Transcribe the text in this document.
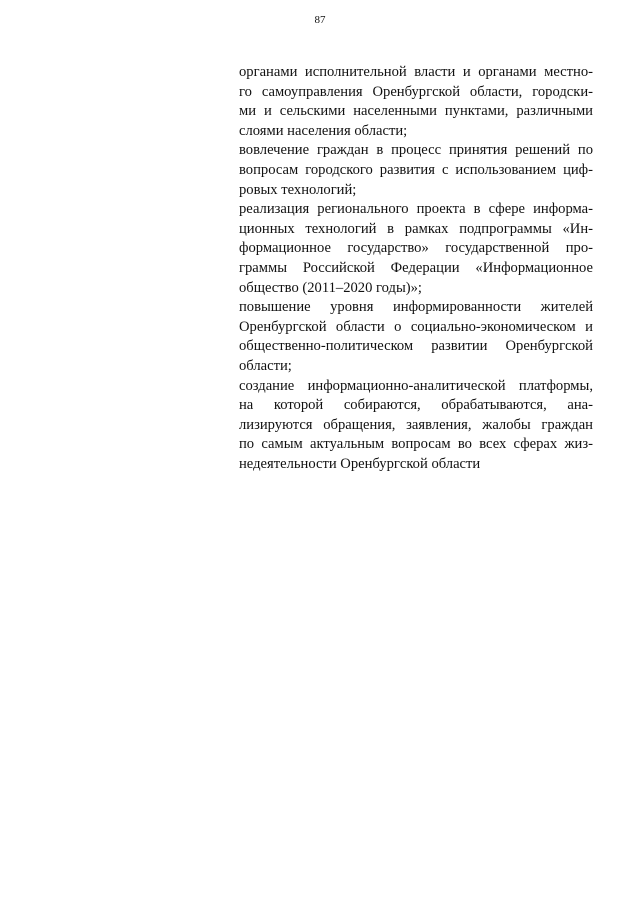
87
органами исполнительной власти и органами местно-
го самоуправления Оренбургской области, городски-
ми и сельскими населенными пунктами, различными
слоями населения области;
вовлечение граждан в процесс принятия решений по
вопросам городского развития с использованием циф-
ровых технологий;
реализация регионального проекта в сфере информа-
ционных технологий в рамках подпрограммы «Ин-
формационное государство» государственной про-
граммы Российской Федерации «Информационное
общество (2011–2020 годы)»;
повышение уровня информированности жителей
Оренбургской области о социально-экономическом и
общественно-политическом развитии Оренбургской
области;
создание информационно-аналитической платформы,
на которой собираются, обрабатываются, ана-
лизируются обращения, заявления, жалобы граждан
по самым актуальным вопросам во всех сферах жиз-
недеятельности Оренбургской области
